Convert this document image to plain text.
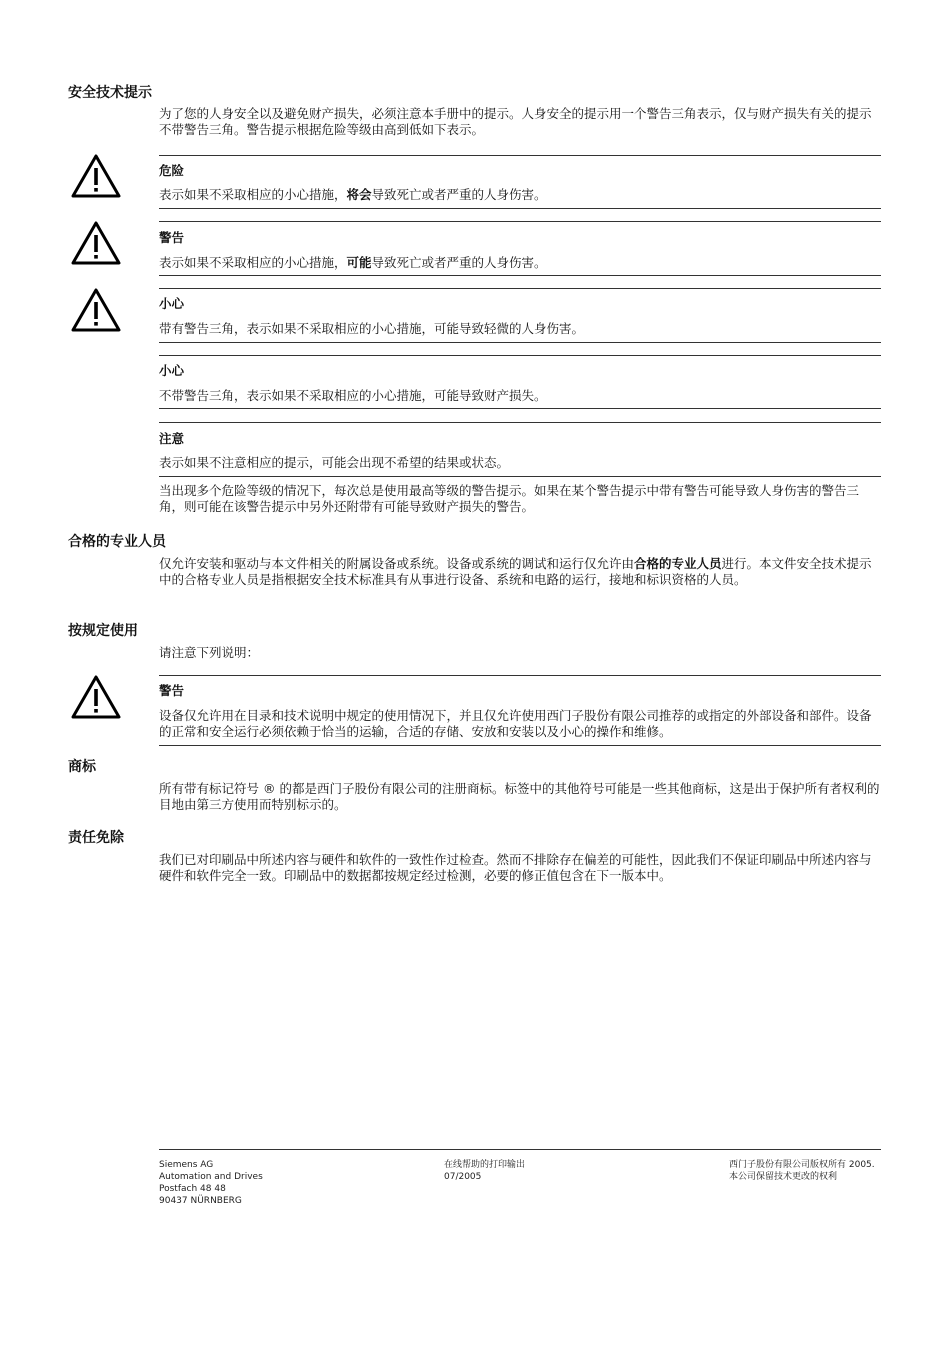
安全技术提示

为了您的人身安全以及避免财产损失，必须注意本手册中的提示。人身安全的提示用一个警告三角表示，仅与财产损失有关的提示不带警告三角。警告提示根据危险等级由高到低如下表示。

危险

表示如果不采取相应的小心措施，将会导致死亡或者严重的人身伤害。

警告

表示如果不采取相应的小心措施，可能导致死亡或者严重的人身伤害。

小心

带有警告三角，表示如果不采取相应的小心措施，可能导致轻微的人身伤害。

小心

不带警告三角，表示如果不采取相应的小心措施，可能导致财产损失。

注意

表示如果不注意相应的提示，可能会出现不希望的结果或状态。

当出现多个危险等级的情况下，每次总是使用最高等级的警告提示。如果在某个警告提示中带有警告可能导致人身伤害的警告三角，则可能在该警告提示中另外还附带有可能导致财产损失的警告。

合格的专业人员

仅允许安装和驱动与本文件相关的附属设备或系统。设备或系统的调试和运行仅允许由合格的专业人员进行。本文件安全技术提示中的合格专业人员是指根据安全技术标准具有从事进行设备、系统和电路的运行，接地和标识资格的人员。

按规定使用

请注意下列说明：

警告

设备仅允许用在目录和技术说明中规定的使用情况下，并且仅允许使用西门子股份有限公司推荐的或指定的外部设备和部件。设备的正常和安全运行必须依赖于恰当的运输，合适的存储、安放和安装以及小心的操作和维修。

商标

所有带有标记符号 ® 的都是西门子股份有限公司的注册商标。标签中的其他符号可能是一些其他商标，这是出于保护所有者权利的目地由第三方使用而特别标示的。

责任免除

我们已对印刷品中所述内容与硬件和软件的一致性作过检查。然而不排除存在偏差的可能性，因此我们不保证印刷品中所述内容与硬件和软件完全一致。印刷品中的数据都按规定经过检测，必要的修正值包含在下一版本中。

Siemens AG
Automation and Drives
Postfach 48 48
90437 NÜRNBERG
在线帮助的打印输出
07/2005
西门子股份有限公司版权所有 2005.
本公司保留技术更改的权利
